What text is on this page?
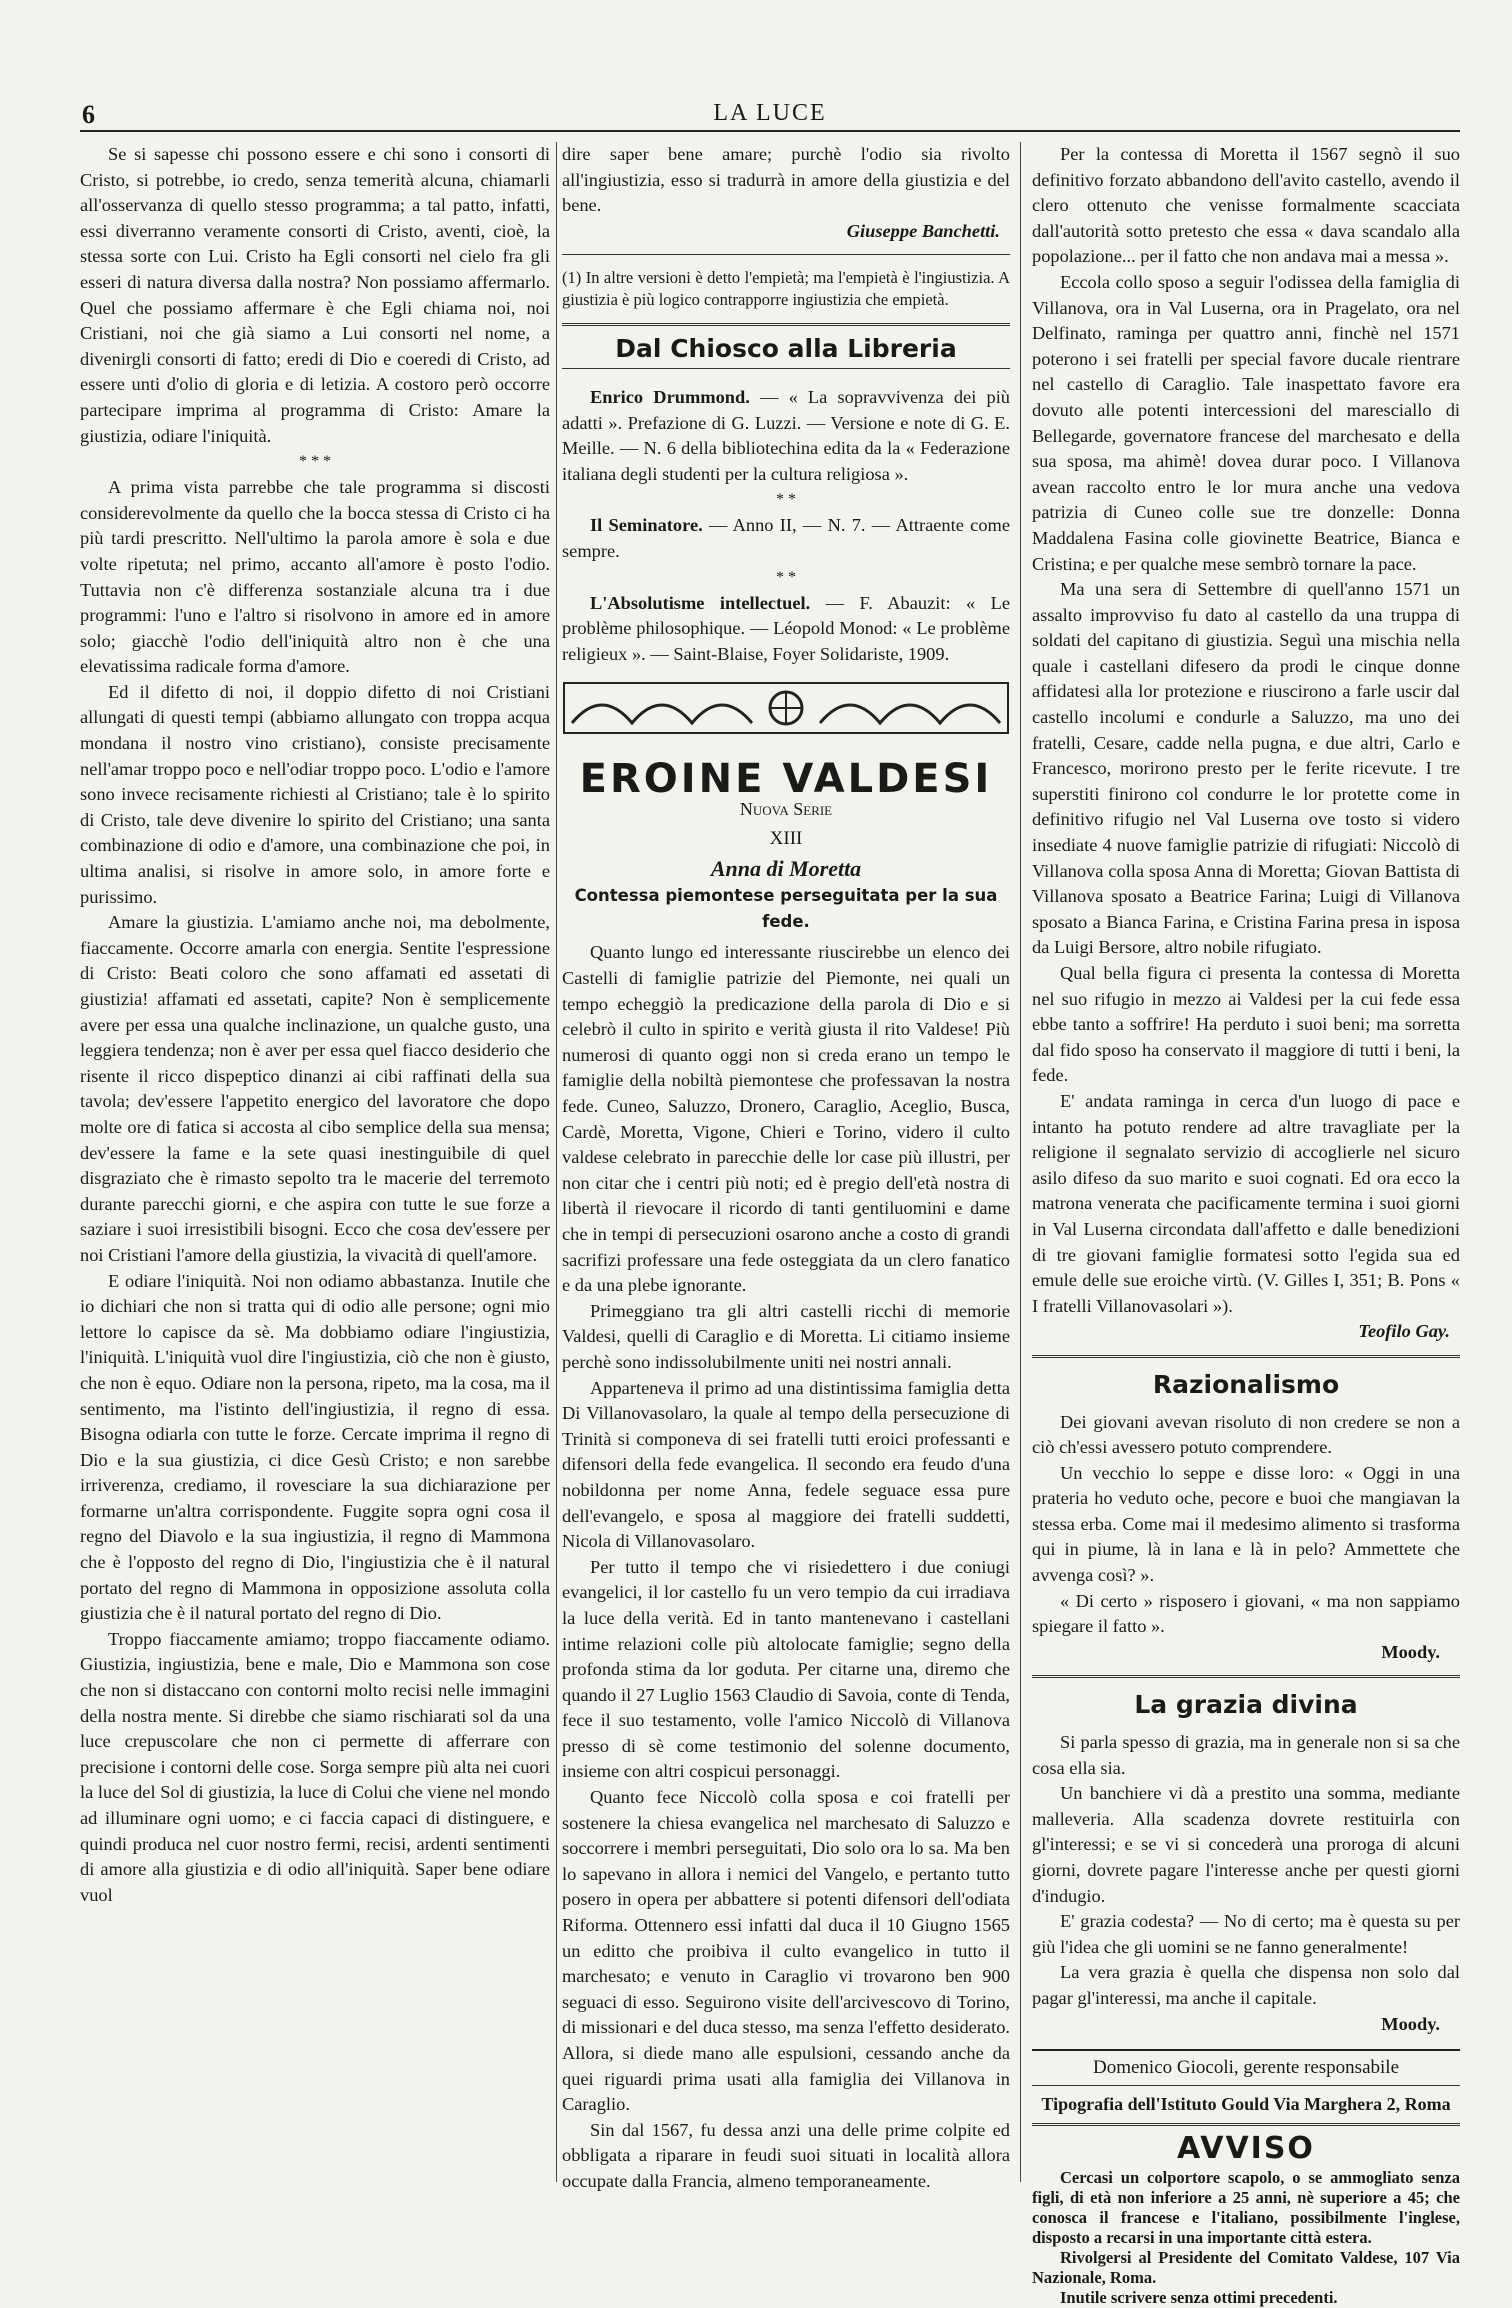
6	LA LUCE

Se si sapesse chi possono essere e chi sono i consorti di Cristo, si potrebbe, io credo, senza temerità alcuna, chiamarli all'osservanza di quello stesso programma; a tal patto, infatti, essi diverranno veramente consorti di Cristo, aventi, cioè, la stessa sorte con Lui. Cristo ha Egli consorti nel cielo fra gli esseri di natura diversa dalla nostra? Non possiamo affermarlo. Quel che possiamo affermare è che Egli chiama noi, noi Cristiani, noi che già siamo a Lui consorti nel nome, a divenirgli consorti di fatto; eredi di Dio e coeredi di Cristo, ad essere unti d'olio di gloria e di letizia. A costoro però occorre partecipare imprima al programma di Cristo: Amare la giustizia, odiare l'iniquità.

* * *

A prima vista parrebbe che tale programma si discosti considerevolmente da quello che la bocca stessa di Cristo ci ha più tardi prescritto. Nell'ultimo la parola amore è sola e due volte ripetuta; nel primo, accanto all'amore è posto l'odio. Tuttavia non c'è differenza sostanziale alcuna tra i due programmi: l'uno e l'altro si risolvono in amore ed in amore solo; giacchè l'odio dell'iniquità altro non è che una elevatissima radicale forma d'amore.

Ed il difetto di noi, il doppio difetto di noi Cristiani allungati di questi tempi (abbiamo allungato con troppa acqua mondana il nostro vino cristiano), consiste precisamente nell'amar troppo poco e nell'odiar troppo poco. L'odio e l'amore sono invece recisamente richiesti al Cristiano; tale è lo spirito di Cristo, tale deve divenire lo spirito del Cristiano; una santa combinazione di odio e d'amore, una combinazione che poi, in ultima analisi, si risolve in amore solo, in amore forte e purissimo.

Amare la giustizia. L'amiamo anche noi, ma debolmente, fiaccamente. Occorre amarla con energia. Sentite l'espressione di Cristo: Beati coloro che sono affamati ed assetati di giustizia! affamati ed assetati, capite? Non è semplicemente avere per essa una qualche inclinazione, un qualche gusto, una leggiera tendenza; non è aver per essa quel fiacco desiderio che risente il ricco dispeptico dinanzi ai cibi raffinati della sua tavola; dev'essere l'appetito energico del lavoratore che dopo molte ore di fatica si accosta al cibo semplice della sua mensa; dev'essere la fame e la sete quasi inestinguibile di quel disgraziato che è rimasto sepolto tra le macerie del terremoto durante parecchi giorni, e che aspira con tutte le sue forze a saziare i suoi irresistibili bisogni. Ecco che cosa dev'essere per noi Cristiani l'amore della giustizia, la vivacità di quell'amore.

E odiare l'iniquità. Noi non odiamo abbastanza. Inutile che io dichiari che non si tratta qui di odio alle persone; ogni mio lettore lo capisce da sè. Ma dobbiamo odiare l'ingiustizia, l'iniquità. L'iniquità vuol dire l'ingiustizia, ciò che non è giusto, che non è equo. Odiare non la persona, ripeto, ma la cosa, ma il sentimento, ma l'istinto dell'ingiustizia, il regno di essa. Bisogna odiarla con tutte le forze. Cercate imprima il regno di Dio e la sua giustizia, ci dice Gesù Cristo; e non sarebbe irriverenza, crediamo, il rovesciare la sua dichiarazione per formarne un'altra corrispondente. Fuggite sopra ogni cosa il regno del Diavolo e la sua ingiustizia, il regno di Mammona che è l'opposto del regno di Dio, l'ingiustizia che è il natural portato del regno di Mammona in opposizione assoluta colla giustizia che è il natural portato del regno di Dio.

Troppo fiaccamente amiamo; troppo fiaccamente odiamo. Giustizia, ingiustizia, bene e male, Dio e Mammona son cose che non si distaccano con contorni molto recisi nelle immagini della nostra mente. Si direbbe che siamo rischiarati sol da una luce crepuscolare che non ci permette di afferrare con precisione i contorni delle cose. Sorga sempre più alta nei cuori la luce del Sol di giustizia, la luce di Colui che viene nel mondo ad illuminare ogni uomo; e ci faccia capaci di distinguere, e quindi produca nel cuor nostro fermi, recisi, ardenti sentimenti di amore alla giustizia e di odio all'iniquità. Saper bene odiare vuol

dire saper bene amare; purchè l'odio sia rivolto all'ingiustizia, esso si tradurrà in amore della giustizia e del bene.

Giuseppe Banchetti.
(1) In altre versioni è detto l'empietà; ma l'empietà è l'ingiustizia. A giustizia è più logico contrapporre ingiustizia che empietà.
Dal Chiosco alla Libreria

Enrico Drummond. — « La sopravvivenza dei più adatti ». Prefazione di G. Luzzi. — Versione e note di G. E. Meille. — N. 6 della bibliotechina edita da la « Federazione italiana degli studenti per la cultura religiosa ».

* *

Il Seminatore. — Anno II, — N. 7. — Attraente come sempre.

* *

L'Absolutisme intellectuel. — F. Abauzit: « Le problème philosophique. — Léopold Monod: « Le problème religieux ». — Saint-Blaise, Foyer Solidariste, 1909.

EROINE VALDESI
Nuova Serie
XIII
Anna di Moretta
Contessa piemontese perseguitata per la sua fede.

Quanto lungo ed interessante riuscirebbe un elenco dei Castelli di famiglie patrizie del Piemonte, nei quali un tempo echeggiò la predicazione della parola di Dio e si celebrò il culto in spirito e verità giusta il rito Valdese! Più numerosi di quanto oggi non si creda erano un tempo le famiglie della nobiltà piemontese che professavan la nostra fede. Cuneo, Saluzzo, Dronero, Caraglio, Aceglio, Busca, Cardè, Moretta, Vigone, Chieri e Torino, videro il culto valdese celebrato in parecchie delle lor case più illustri, per non citar che i centri più noti; ed è pregio dell'età nostra di libertà il rievocare il ricordo di tanti gentiluomini e dame che in tempi di persecuzioni osarono anche a costo di grandi sacrifizi professare una fede osteggiata da un clero fanatico e da una plebe ignorante.

Primeggiano tra gli altri castelli ricchi di memorie Valdesi, quelli di Caraglio e di Moretta. Li citiamo insieme perchè sono indissolubilmente uniti nei nostri annali.

Apparteneva il primo ad una distintissima famiglia detta Di Villanovasolaro, la quale al tempo della persecuzione di Trinità si componeva di sei fratelli tutti eroici professanti e difensori della fede evangelica. Il secondo era feudo d'una nobildonna per nome Anna, fedele seguace essa pure dell'evangelo, e sposa al maggiore dei fratelli suddetti, Nicola di Villanovasolaro.

Per tutto il tempo che vi risiedettero i due coniugi evangelici, il lor castello fu un vero tempio da cui irradiava la luce della verità. Ed in tanto mantenevano i castellani intime relazioni colle più altolocate famiglie; segno della profonda stima da lor goduta. Per citarne una, diremo che quando il 27 Luglio 1563 Claudio di Savoia, conte di Tenda, fece il suo testamento, volle l'amico Niccolò di Villanova presso di sè come testimonio del solenne documento, insieme con altri cospicui personaggi.

Quanto fece Niccolò colla sposa e coi fratelli per sostenere la chiesa evangelica nel marchesato di Saluzzo e soccorrere i membri perseguitati, Dio solo ora lo sa. Ma ben lo sapevano in allora i nemici del Vangelo, e pertanto tutto posero in opera per abbattere si potenti difensori dell'odiata Riforma. Ottennero essi infatti dal duca il 10 Giugno 1565 un editto che proibiva il culto evangelico in tutto il marchesato; e venuto in Caraglio vi trovarono ben 900 seguaci di esso. Seguirono visite dell'arcivescovo di Torino, di missionari e del duca stesso, ma senza l'effetto desiderato. Allora, si diede mano alle espulsioni, cessando anche da quei riguardi prima usati alla famiglia dei Villanova in Caraglio.

Sin dal 1567, fu dessa anzi una delle prime colpite ed obbligata a riparare in feudi suoi situati in località allora occupate dalla Francia, almeno temporaneamente.

Per la contessa di Moretta il 1567 segnò il suo definitivo forzato abbandono dell'avito castello, avendo il clero ottenuto che venisse formalmente scacciata dall'autorità sotto pretesto che essa « dava scandalo alla popolazione... per il fatto che non andava mai a messa ».

Eccola collo sposo a seguir l'odissea della famiglia di Villanova, ora in Val Luserna, ora in Pragelato, ora nel Delfinato, raminga per quattro anni, finchè nel 1571 poterono i sei fratelli per special favore ducale rientrare nel castello di Caraglio. Tale inaspettato favore era dovuto alle potenti intercessioni del maresciallo di Bellegarde, governatore francese del marchesato e della sua sposa, ma ahimè! dovea durar poco. I Villanova avean raccolto entro le lor mura anche una vedova patrizia di Cuneo colle sue tre donzelle: Donna Maddalena Fasina colle giovinette Beatrice, Bianca e Cristina; e per qualche mese sembrò tornare la pace.

Ma una sera di Settembre di quell'anno 1571 un assalto improvviso fu dato al castello da una truppa di soldati del capitano di giustizia. Seguì una mischia nella quale i castellani difesero da prodi le cinque donne affidatesi alla lor protezione e riuscirono a farle uscir dal castello incolumi e condurle a Saluzzo, ma uno dei fratelli, Cesare, cadde nella pugna, e due altri, Carlo e Francesco, morirono presto per le ferite ricevute. I tre superstiti finirono col condurre le lor protette come in definitivo rifugio nel Val Luserna ove tosto si videro insediate 4 nuove famiglie patrizie di rifugiati: Niccolò di Villanova colla sposa Anna di Moretta; Giovan Battista di Villanova sposato a Beatrice Farina; Luigi di Villanova sposato a Bianca Farina, e Cristina Farina presa in isposa da Luigi Bersore, altro nobile rifugiato.

Qual bella figura ci presenta la contessa di Moretta nel suo rifugio in mezzo ai Valdesi per la cui fede essa ebbe tanto a soffrire! Ha perduto i suoi beni; ma sorretta dal fido sposo ha conservato il maggiore di tutti i beni, la fede.

E' andata raminga in cerca d'un luogo di pace e intanto ha potuto rendere ad altre travagliate per la religione il segnalato servizio di accoglierle nel sicuro asilo difeso da suo marito e suoi cognati. Ed ora ecco la matrona venerata che pacificamente termina i suoi giorni in Val Luserna circondata dall'affetto e dalle benedizioni di tre giovani famiglie formatesi sotto l'egida sua ed emule delle sue eroiche virtù. (V. Gilles I, 351; B. Pons « I fratelli Villanovasolari »).

Teofilo Gay.
Razionalismo

Dei giovani avevan risoluto di non credere se non a ciò ch'essi avessero potuto comprendere.

Un vecchio lo seppe e disse loro: « Oggi in una prateria ho veduto oche, pecore e buoi che mangiavan la stessa erba. Come mai il medesimo alimento si trasforma qui in piume, là in lana e là in pelo? Ammettete che avvenga così? ».

« Di certo » risposero i giovani, « ma non sappiamo spiegare il fatto ».

Moody.
La grazia divina

Si parla spesso di grazia, ma in generale non si sa che cosa ella sia.

Un banchiere vi dà a prestito una somma, mediante malleveria. Alla scadenza dovrete restituirla con gl'interessi; e se vi si concederà una proroga di alcuni giorni, dovrete pagare l'interesse anche per questi giorni d'indugio.

E' grazia codesta? — No di certo; ma è questa su per giù l'idea che gli uomini se ne fanno generalmente!

La vera grazia è quella che dispensa non solo dal pagar gl'interessi, ma anche il capitale.

Moody.
Domenico Giocoli, gerente responsabile
Tipografia dell'Istituto Gould Via Marghera 2, Roma
AVVISO

Cercasi un colportore scapolo, o se ammogliato senza figli, di età non inferiore a 25 anni, nè superiore a 45; che conosca il francese e l'italiano, possibilmente l'inglese, disposto a recarsi in una importante città estera.

Rivolgersi al Presidente del Comitato Valdese, 107 Via Nazionale, Roma.

Inutile scrivere senza ottimi precedenti.
